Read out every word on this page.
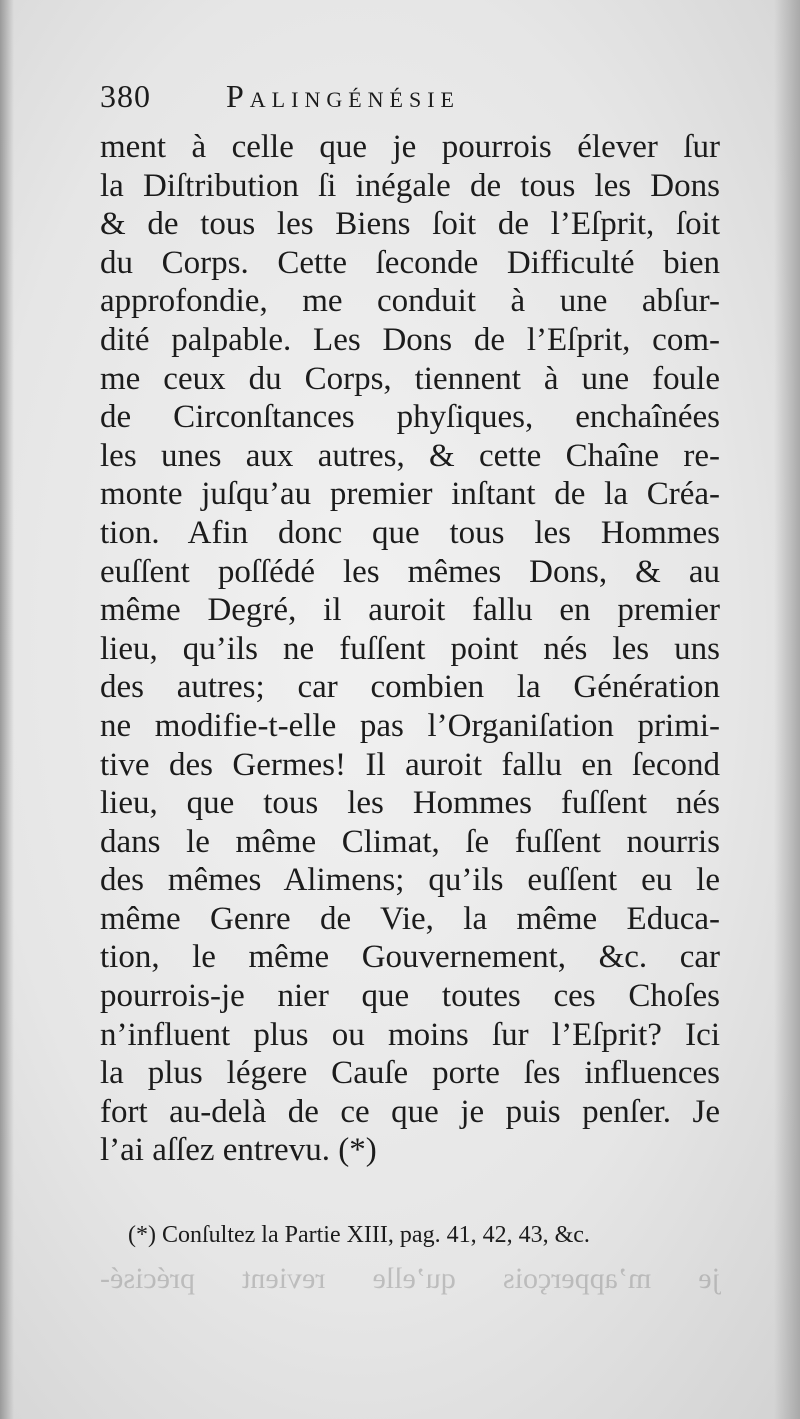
380	Palingénésie
ment à celle que je pourrois élever ſur
la Diſtribution ſi inégale de tous les Dons
& de tous les Biens ſoit de l’Eſprit, ſoit
du Corps. Cette ſeconde Difficulté bien
approfondie, me conduit à une abſur-
dité palpable. Les Dons de l’Eſprit, com-
me ceux du Corps, tiennent à une foule
de Circonſtances phyſiques, enchaînées
les unes aux autres, & cette Chaîne re-
monte juſqu’au premier inſtant de la Créa-
tion. Afin donc que tous les Hommes
euſſent poſſédé les mêmes Dons, & au
même Degré, il auroit fallu en premier
lieu, qu’ils ne fuſſent point nés les uns
des autres; car combien la Génération
ne modifie-t-elle pas l’Organiſation primi-
tive des Germes! Il auroit fallu en ſecond
lieu, que tous les Hommes fuſſent nés
dans le même Climat, ſe fuſſent nourris
des mêmes Alimens; qu’ils euſſent eu le
même Genre de Vie, la même Educa-
tion, le même Gouvernement, &c. car
pourrois-je nier que toutes ces Choſes
n’influent plus ou moins ſur l’Eſprit? Ici
la plus légere Cauſe porte ſes influences
fort au-delà de ce que je puis penſer. Je
l’ai aſſez entrevu. (*)
(*) Conſultez la Partie XIII, pag. 41, 42, 43, &c.
je m’apperçois qu’elle revient précisé-
